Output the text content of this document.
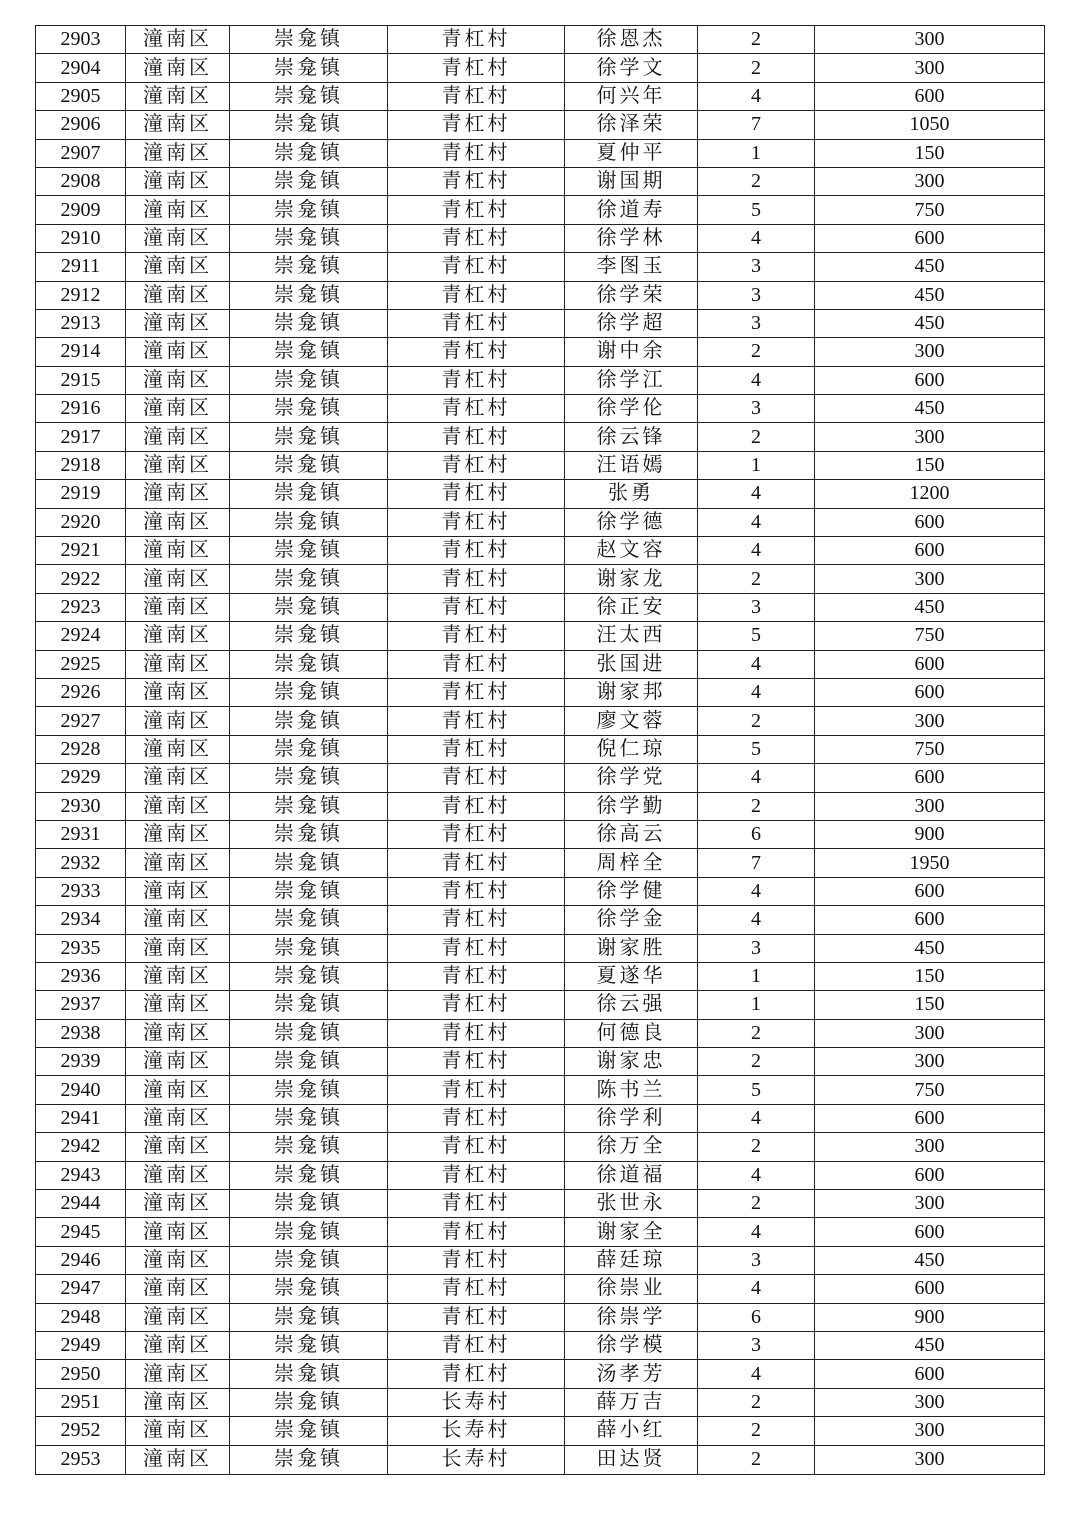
2903	潼南区	崇龛镇	青杠村	徐恩杰	2	300
2904	潼南区	崇龛镇	青杠村	徐学文	2	300
2905	潼南区	崇龛镇	青杠村	何兴年	4	600
2906	潼南区	崇龛镇	青杠村	徐泽荣	7	1050
2907	潼南区	崇龛镇	青杠村	夏仲平	1	150
2908	潼南区	崇龛镇	青杠村	谢国期	2	300
2909	潼南区	崇龛镇	青杠村	徐道寿	5	750
2910	潼南区	崇龛镇	青杠村	徐学林	4	600
2911	潼南区	崇龛镇	青杠村	李图玉	3	450
2912	潼南区	崇龛镇	青杠村	徐学荣	3	450
2913	潼南区	崇龛镇	青杠村	徐学超	3	450
2914	潼南区	崇龛镇	青杠村	谢中余	2	300
2915	潼南区	崇龛镇	青杠村	徐学江	4	600
2916	潼南区	崇龛镇	青杠村	徐学伦	3	450
2917	潼南区	崇龛镇	青杠村	徐云锋	2	300
2918	潼南区	崇龛镇	青杠村	汪语嫣	1	150
2919	潼南区	崇龛镇	青杠村	张勇	4	1200
2920	潼南区	崇龛镇	青杠村	徐学德	4	600
2921	潼南区	崇龛镇	青杠村	赵文容	4	600
2922	潼南区	崇龛镇	青杠村	谢家龙	2	300
2923	潼南区	崇龛镇	青杠村	徐正安	3	450
2924	潼南区	崇龛镇	青杠村	汪太西	5	750
2925	潼南区	崇龛镇	青杠村	张国进	4	600
2926	潼南区	崇龛镇	青杠村	谢家邦	4	600
2927	潼南区	崇龛镇	青杠村	廖文蓉	2	300
2928	潼南区	崇龛镇	青杠村	倪仁琼	5	750
2929	潼南区	崇龛镇	青杠村	徐学党	4	600
2930	潼南区	崇龛镇	青杠村	徐学勤	2	300
2931	潼南区	崇龛镇	青杠村	徐高云	6	900
2932	潼南区	崇龛镇	青杠村	周梓全	7	1950
2933	潼南区	崇龛镇	青杠村	徐学健	4	600
2934	潼南区	崇龛镇	青杠村	徐学金	4	600
2935	潼南区	崇龛镇	青杠村	谢家胜	3	450
2936	潼南区	崇龛镇	青杠村	夏遂华	1	150
2937	潼南区	崇龛镇	青杠村	徐云强	1	150
2938	潼南区	崇龛镇	青杠村	何德良	2	300
2939	潼南区	崇龛镇	青杠村	谢家忠	2	300
2940	潼南区	崇龛镇	青杠村	陈书兰	5	750
2941	潼南区	崇龛镇	青杠村	徐学利	4	600
2942	潼南区	崇龛镇	青杠村	徐万全	2	300
2943	潼南区	崇龛镇	青杠村	徐道福	4	600
2944	潼南区	崇龛镇	青杠村	张世永	2	300
2945	潼南区	崇龛镇	青杠村	谢家全	4	600
2946	潼南区	崇龛镇	青杠村	薛廷琼	3	450
2947	潼南区	崇龛镇	青杠村	徐崇业	4	600
2948	潼南区	崇龛镇	青杠村	徐崇学	6	900
2949	潼南区	崇龛镇	青杠村	徐学模	3	450
2950	潼南区	崇龛镇	青杠村	汤孝芳	4	600
2951	潼南区	崇龛镇	长寿村	薛万吉	2	300
2952	潼南区	崇龛镇	长寿村	薛小红	2	300
2953	潼南区	崇龛镇	长寿村	田达贤	2	300
